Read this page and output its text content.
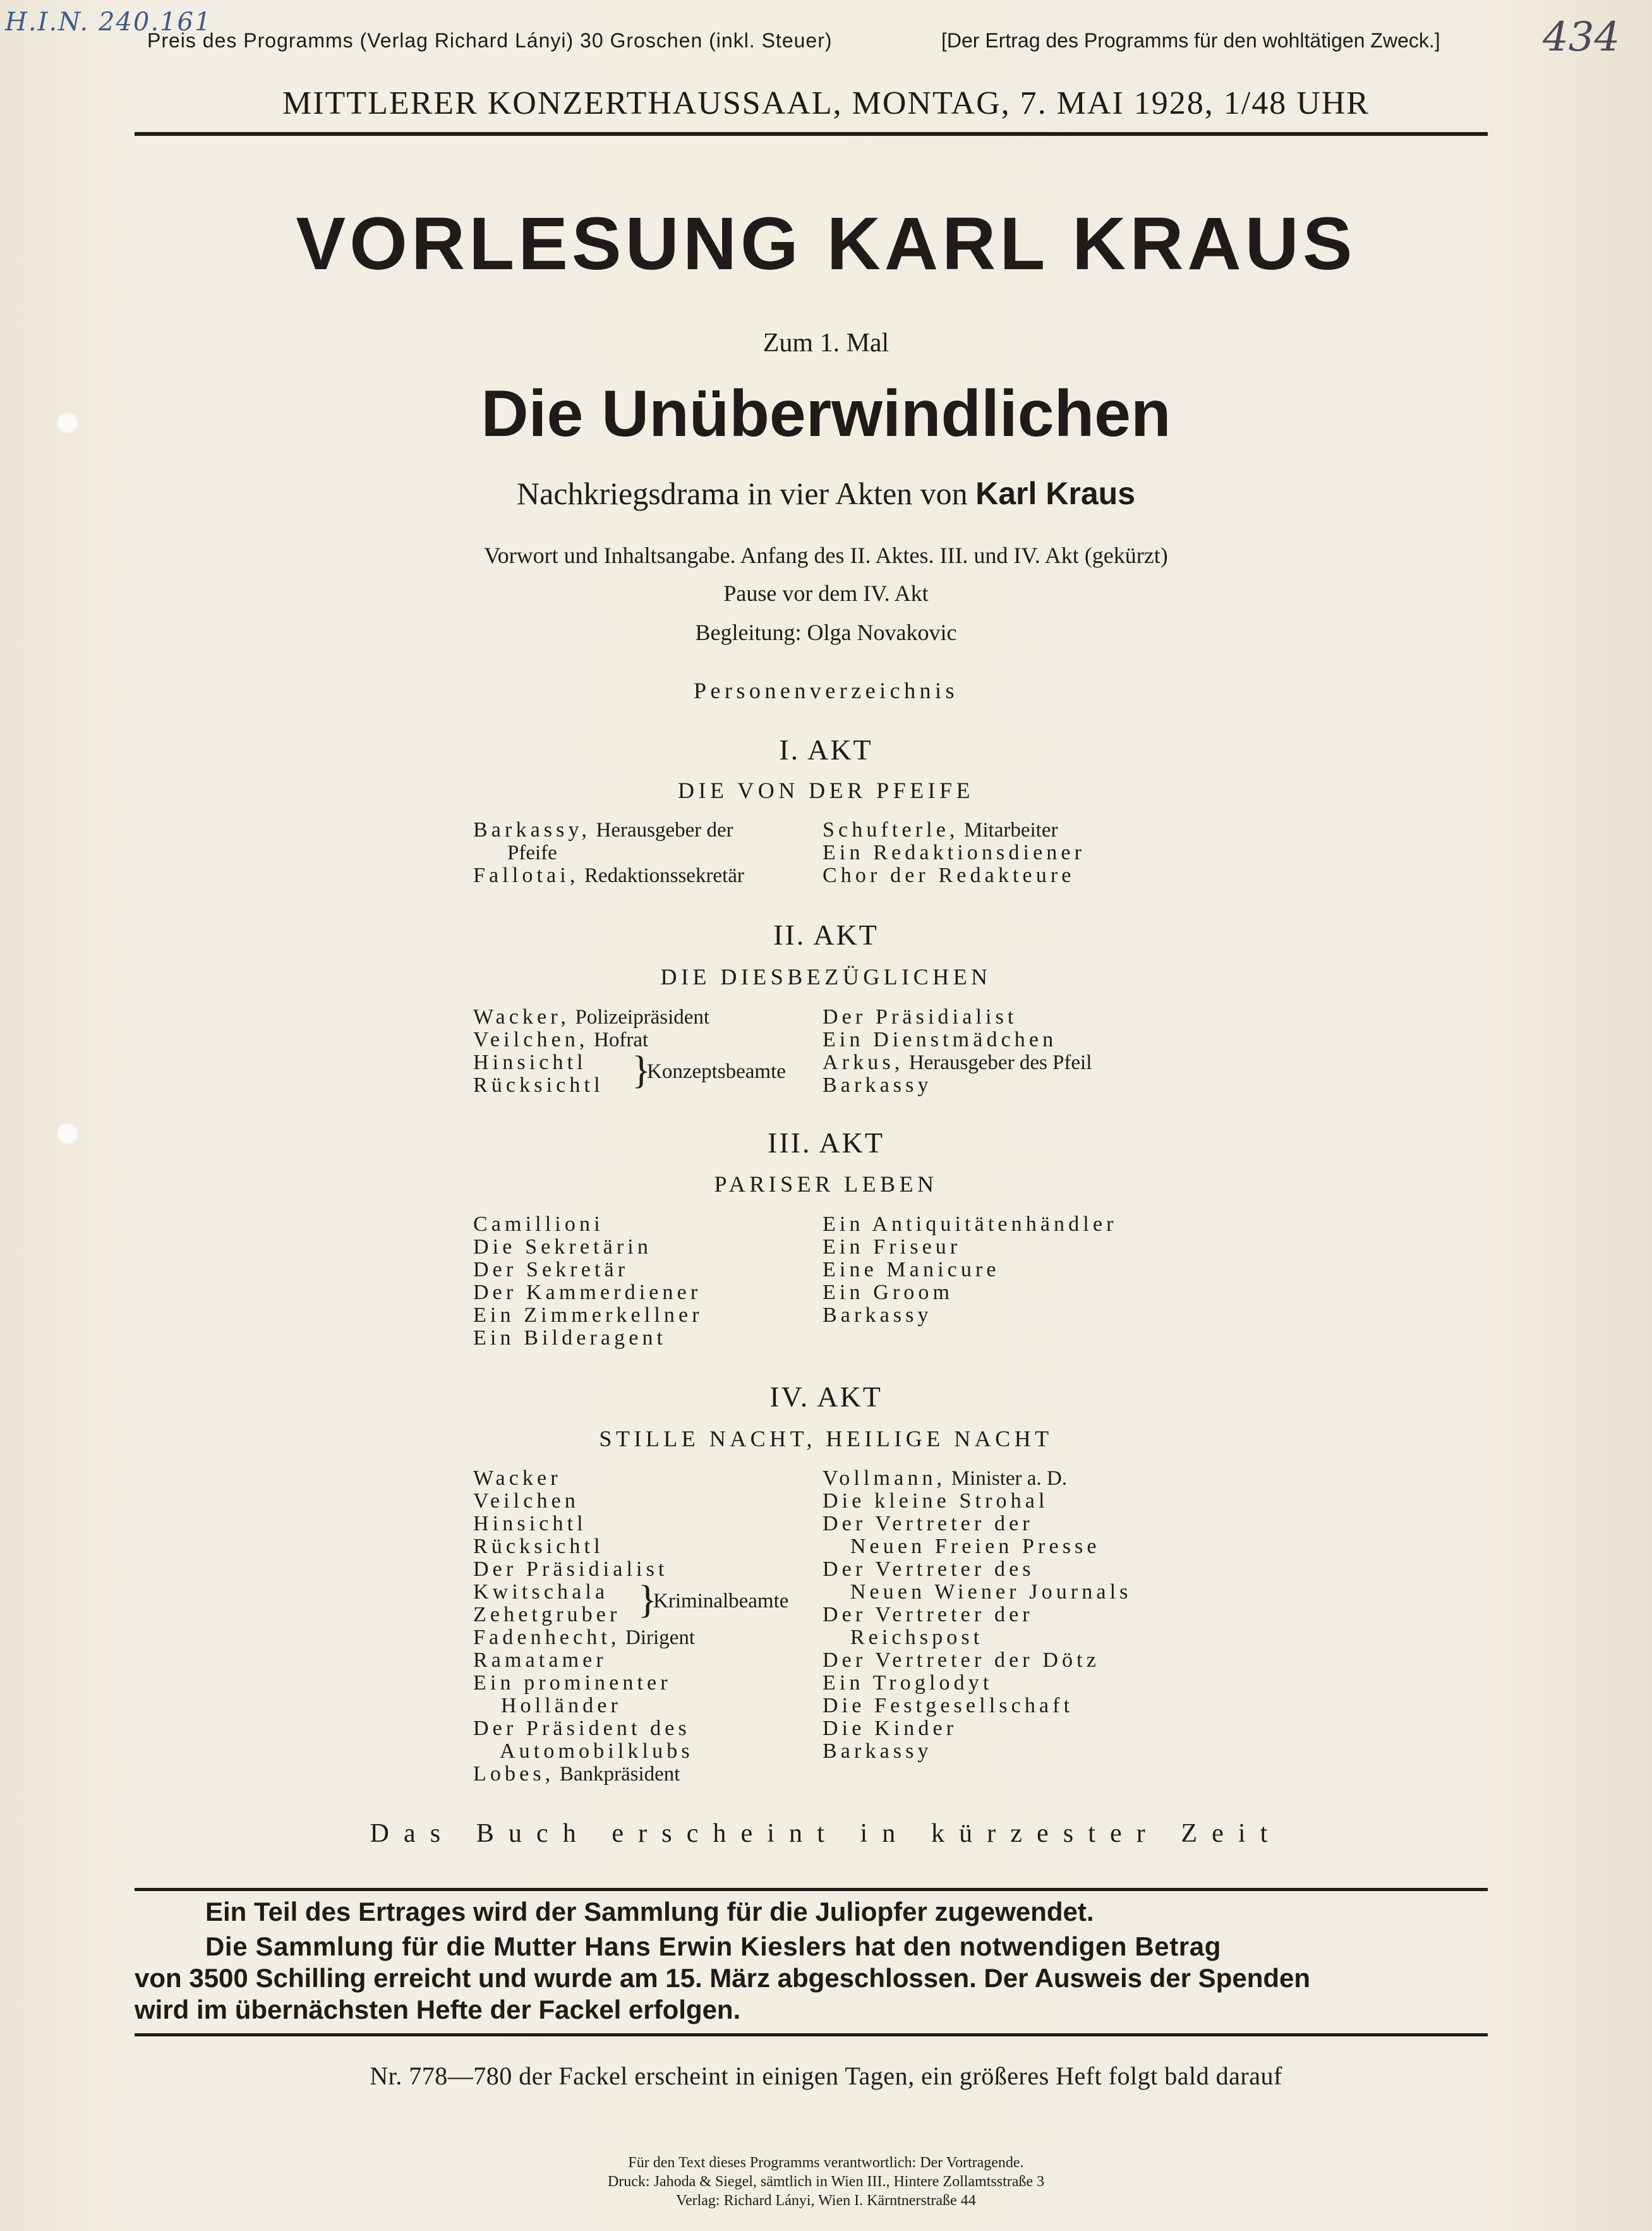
H.I.N. 240.161	434
Preis des Programms (Verlag Richard Lányi) 30 Groschen (inkl. Steuer)	[Der Ertrag des Programms für den wohltätigen Zweck.]
MITTLERER KONZERTHAUSSAAL, MONTAG, 7. MAI 1928, 1/48 UHR
VORLESUNG KARL KRAUS
Zum 1. Mal
Die Unüberwindlichen
Nachkriegsdrama in vier Akten von Karl Kraus
Vorwort und Inhaltsangabe. Anfang des II. Aktes. III. und IV. Akt (gekürzt)
Pause vor dem IV. Akt
Begleitung: Olga Novakovic
Personenverzeichnis
I. AKT
DIE VON DER PFEIFE
Barkassy, Herausgeber der
Pfeife
Fallotai, Redaktionssekretär
Schufterle, Mitarbeiter
Ein Redaktionsdiener
Chor der Redakteure
II. AKT
DIE DIESBEZÜGLICHEN
Wacker, Polizeipräsident
Veilchen, Hofrat
Hinsichtl
Rücksichtl }
Konzeptsbeamte
Der Präsidialist
Ein Dienstmädchen
Arkus, Herausgeber des Pfeil
Barkassy
III. AKT
PARISER LEBEN
Camillioni
Die Sekretärin
Der Sekretär
Der Kammerdiener
Ein Zimmerkellner
Ein Bilderagent
Ein Antiquitätenhändler
Ein Friseur
Eine Manicure
Ein Groom
Barkassy
IV. AKT
STILLE NACHT, HEILIGE NACHT
Wacker
Veilchen
Hinsichtl
Rücksichtl
Der Präsidialist
Kwitschala
Zehetgruber
Fadenhecht, Dirigent
Ramatamer
Ein prominenter
Holländer
Der Präsident des
Automobilklubs
Lobes, Bankpräsident
}
Kriminalbeamte
Vollmann, Minister a. D.
Die kleine Strohal
Der Vertreter der
Neuen Freien Presse
Der Vertreter des
Neuen Wiener Journals
Der Vertreter der
Reichspost
Der Vertreter der Dötz
Ein Troglodyt
Die Festgesellschaft
Die Kinder
Barkassy
Das Buch erscheint in kürzester Zeit
Ein Teil des Ertrages wird der Sammlung für die Juliopfer zugewendet.
Die Sammlung für die Mutter Hans Erwin Kieslers hat den notwendigen Betrag
von 3500 Schilling erreicht und wurde am 15. März abgeschlossen. Der Ausweis der Spenden
wird im übernächsten Hefte der Fackel erfolgen.
Nr. 778—780 der Fackel erscheint in einigen Tagen, ein größeres Heft folgt bald darauf
Für den Text dieses Programms verantwortlich: Der Vortragende.
Druck: Jahoda & Siegel, sämtlich in Wien III., Hintere Zollamtsstraße 3
Verlag: Richard Lányi, Wien I. Kärntnerstraße 44
